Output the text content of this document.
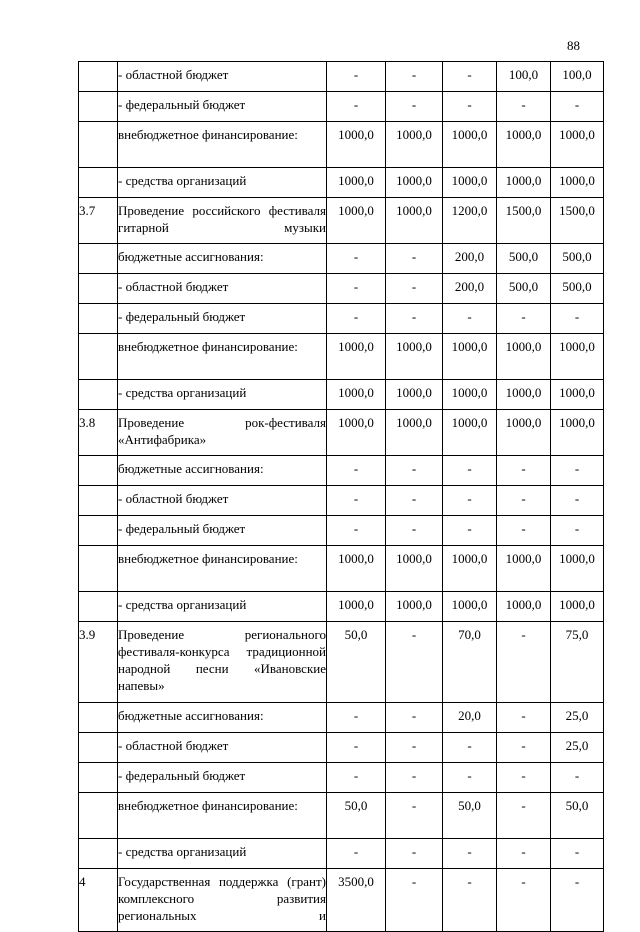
88
	- областной бюджет	-	-	-	100,0	100,0
	- федеральный бюджет	-	-	-	-	-
	внебюджетное финансирование:	1000,0	1000,0	1000,0	1000,0	1000,0
	- средства организаций	1000,0	1000,0	1000,0	1000,0	1000,0
3.7	Проведение российского фестиваля гитарной музыки	1000,0	1000,0	1200,0	1500,0	1500,0
	бюджетные ассигнования:	-	-	200,0	500,0	500,0
	- областной бюджет	-	-	200,0	500,0	500,0
	- федеральный бюджет	-	-	-	-	-
	внебюджетное финансирование:	1000,0	1000,0	1000,0	1000,0	1000,0
	- средства организаций	1000,0	1000,0	1000,0	1000,0	1000,0
3.8	Проведение рок-фестиваля «Антифабрика»	1000,0	1000,0	1000,0	1000,0	1000,0
	бюджетные ассигнования:	-	-	-	-	-
	- областной бюджет	-	-	-	-	-
	- федеральный бюджет	-	-	-	-	-
	внебюджетное финансирование:	1000,0	1000,0	1000,0	1000,0	1000,0
	- средства организаций	1000,0	1000,0	1000,0	1000,0	1000,0
3.9	Проведение регионального фестиваля-конкурса традиционной народной песни «Ивановские напевы»	50,0	-	70,0	-	75,0
	бюджетные ассигнования:	-	-	20,0	-	25,0
	- областной бюджет	-	-	-	-	25,0
	- федеральный бюджет	-	-	-	-	-
	внебюджетное финансирование:	50,0	-	50,0	-	50,0
	- средства организаций	-	-	-	-	-
4	Государственная поддержка (грант) комплексного развития региональных и	3500,0	-	-	-	-
